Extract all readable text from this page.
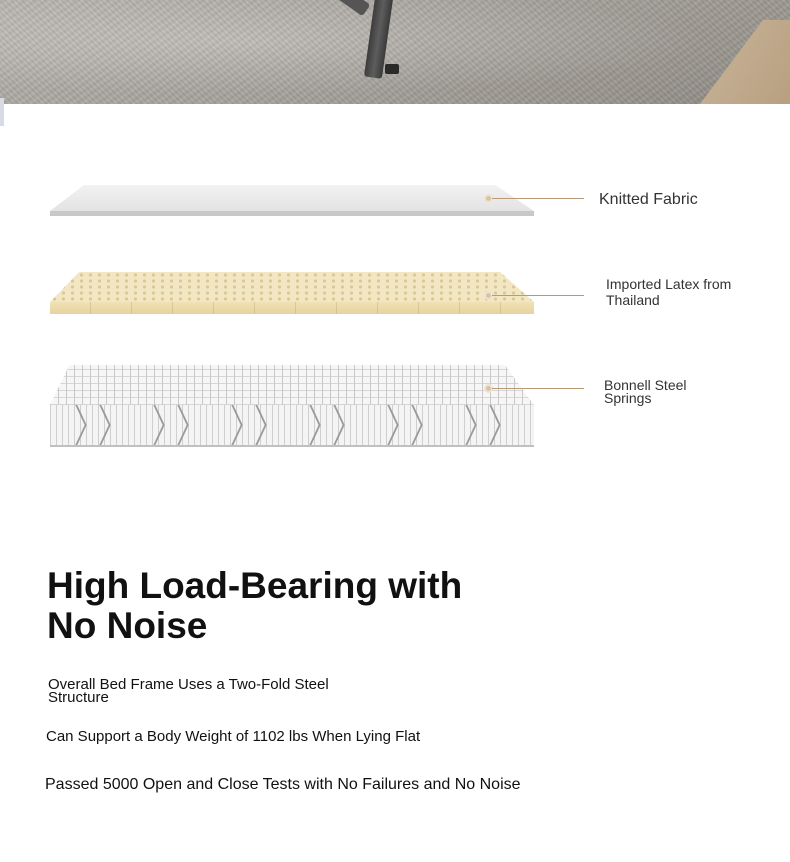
Knitted Fabric
Imported Latex from Thailand
Bonnell Steel Springs
High Load-Bearing with No Noise
Overall Bed Frame Uses a Two-Fold Steel Structure
Can Support a Body Weight of 1102 lbs When Lying Flat
Passed 5000 Open and Close Tests with No Failures and No Noise
